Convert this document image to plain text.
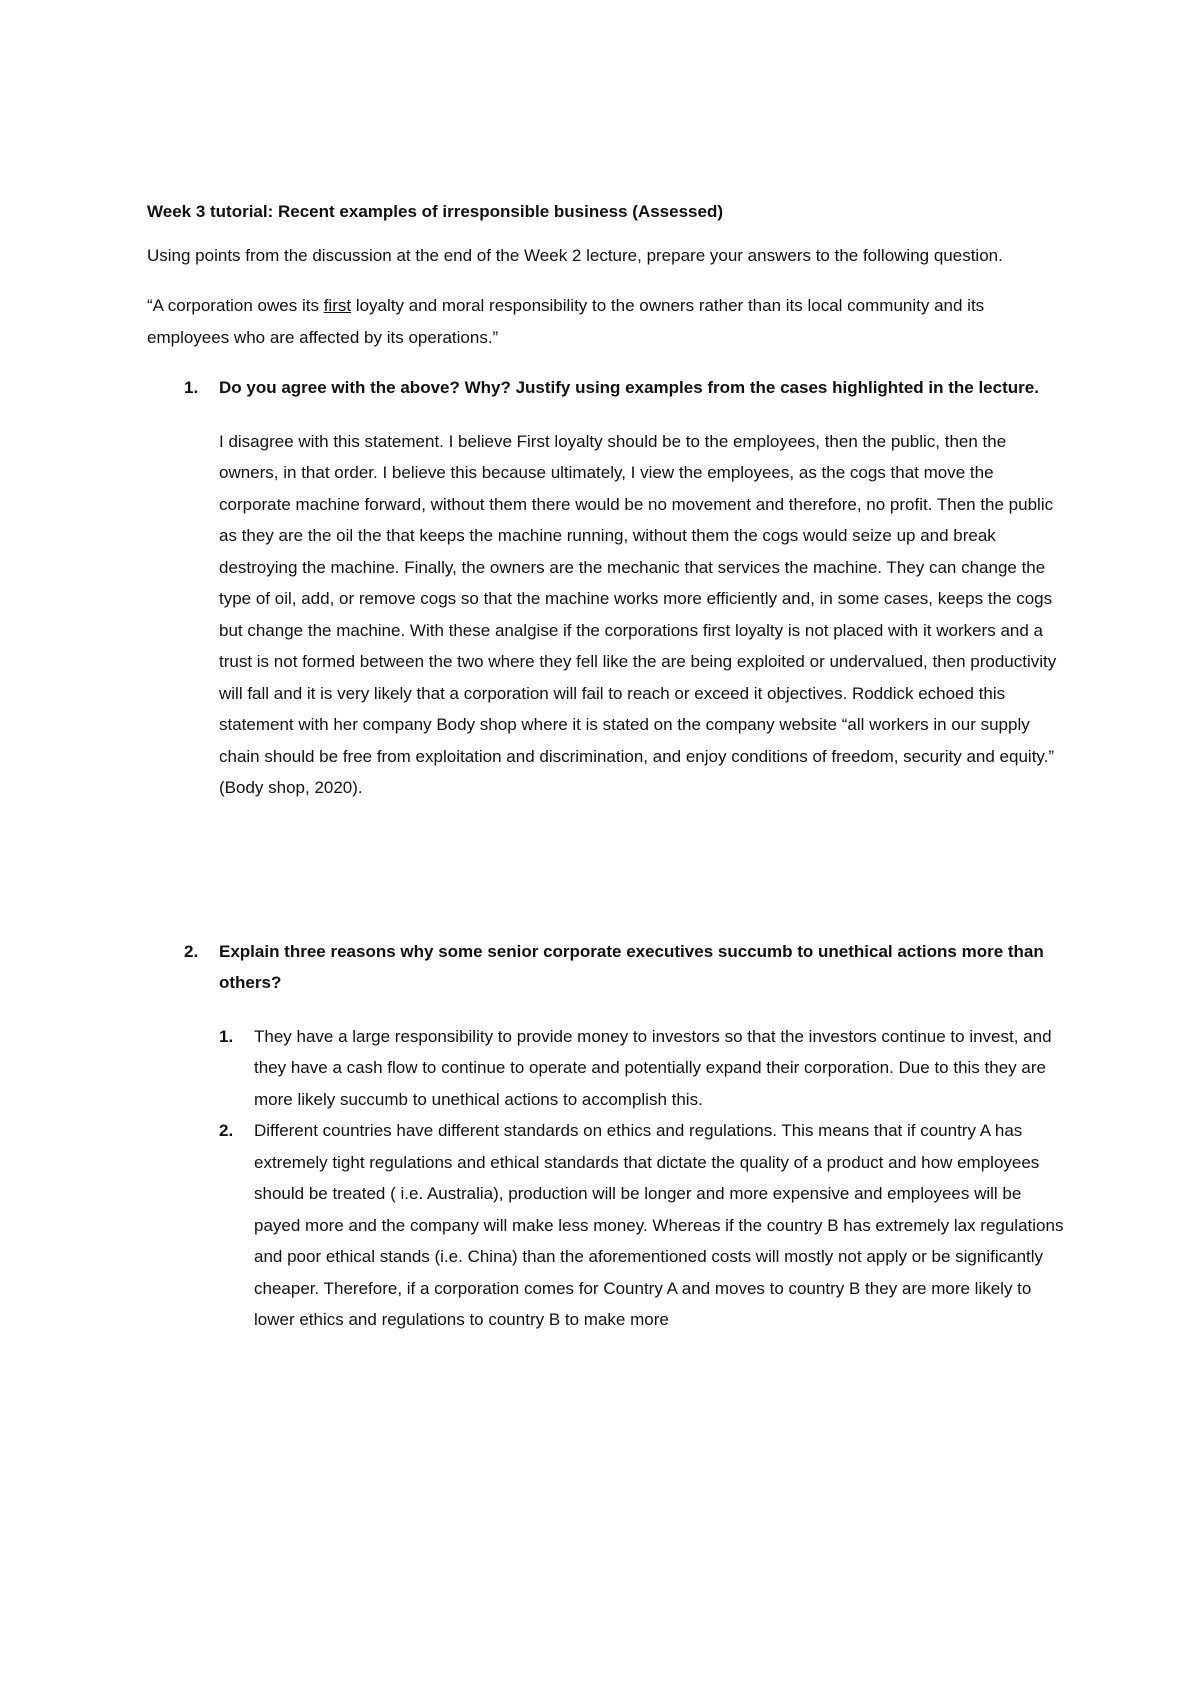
Week 3 tutorial: Recent examples of irresponsible business (Assessed)

Using points from the discussion at the end of the Week 2 lecture, prepare your answers to the following question.

“A corporation owes its first loyalty and moral responsibility to the owners rather than its local community and its employees who are affected by its operations.”

1. Do you agree with the above? Why? Justify using examples from the cases highlighted in the lecture.

I disagree with this statement. I believe First loyalty should be to the employees, then the public, then the owners, in that order. I believe this because ultimately, I view the employees, as the cogs that move the corporate machine forward, without them there would be no movement and therefore, no profit. Then the public as they are the oil the that keeps the machine running, without them the cogs would seize up and break destroying the machine. Finally, the owners are the mechanic that services the machine. They can change the type of oil, add, or remove cogs so that the machine works more efficiently and, in some cases, keeps the cogs but change the machine. With these analgise if the corporations first loyalty is not placed with it workers and a trust is not formed between the two where they fell like the are being exploited or undervalued, then productivity will fall and it is very likely that a corporation will fail to reach or exceed it objectives. Roddick echoed this statement with her company Body shop where it is stated on the company website “all workers in our supply chain should be free from exploitation and discrimination, and enjoy conditions of freedom, security and equity.” (Body shop, 2020).

2. Explain three reasons why some senior corporate executives succumb to unethical actions more than others?
1. They have a large responsibility to provide money to investors so that the investors continue to invest, and they have a cash flow to continue to operate and potentially expand their corporation. Due to this they are more likely succumb to unethical actions to accomplish this.
2. Different countries have different standards on ethics and regulations. This means that if country A has extremely tight regulations and ethical standards that dictate the quality of a product and how employees should be treated ( i.e. Australia), production will be longer and more expensive and employees will be payed more and the company will make less money. Whereas if the country B has extremely lax regulations and poor ethical stands (i.e. China) than the aforementioned costs will mostly not apply or be significantly cheaper. Therefore, if a corporation comes for Country A and moves to country B they are more likely to lower ethics and regulations to country B to make more
